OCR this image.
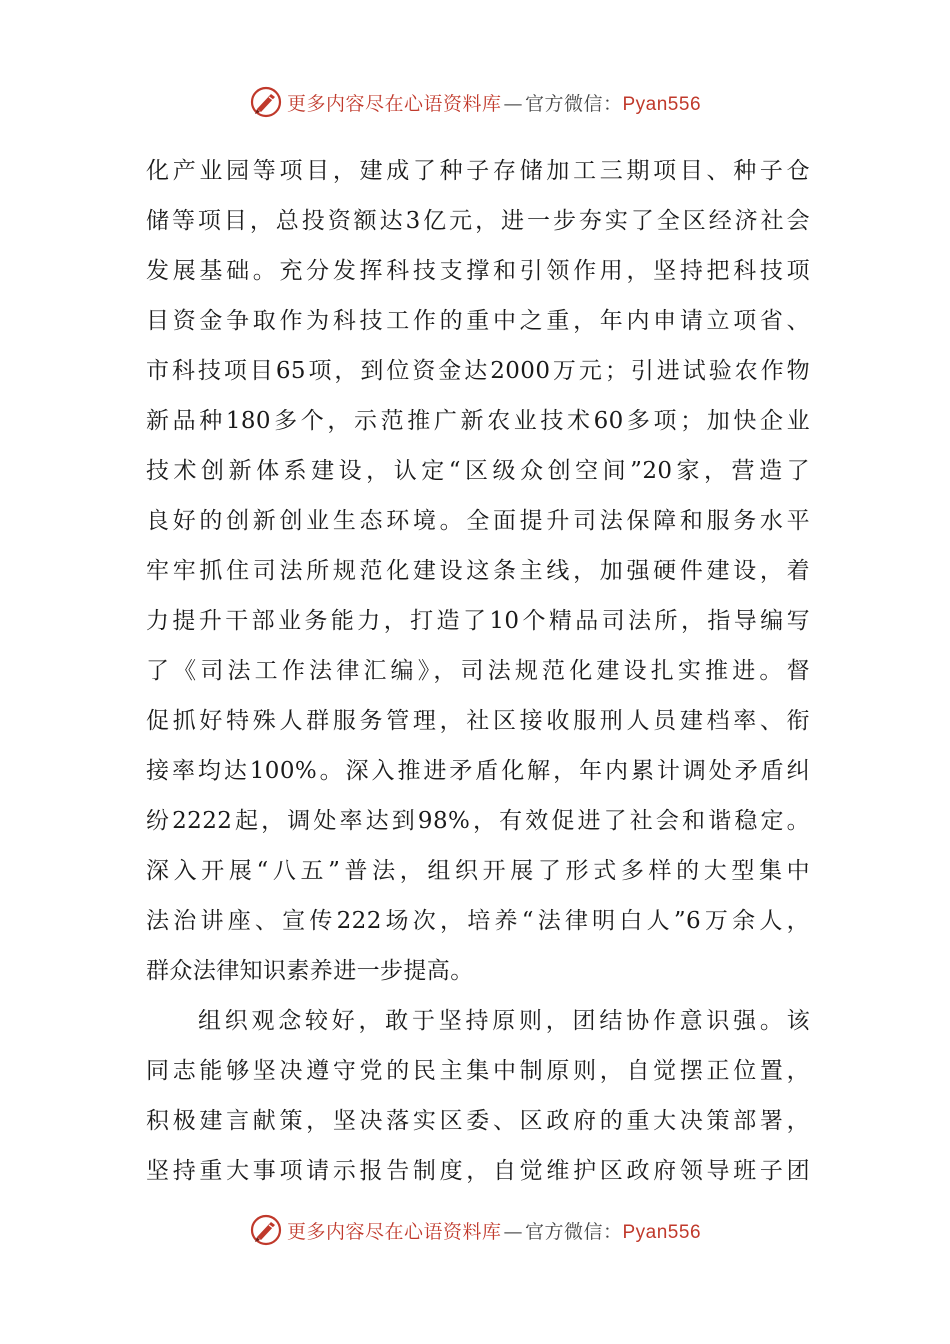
更多内容尽在心语资料库 — 官方微信：Pyan556
化产业园等项目，建成了种子存储加工三期项目、种子仓
储等项目，总投资额达3亿元，进一步夯实了全区经济社会
发展基础。充分发挥科技支撑和引领作用，坚持把科技项
目资金争取作为科技工作的重中之重，年内申请立项省、
市科技项目65项，到位资金达2000万元；引进试验农作物
新品种180多个，示范推广新农业技术60多项；加快企业
技术创新体系建设，认定“区级众创空间”20家，营造了
良好的创新创业生态环境。全面提升司法保障和服务水平
牢牢抓住司法所规范化建设这条主线，加强硬件建设，着
力提升干部业务能力，打造了10个精品司法所，指导编写
了《司法工作法律汇编》，司法规范化建设扎实推进。督
促抓好特殊人群服务管理，社区接收服刑人员建档率、衔
接率均达100%。深入推进矛盾化解，年内累计调处矛盾纠
纷2222起，调处率达到98%，有效促进了社会和谐稳定。
深入开展“八五”普法，组织开展了形式多样的大型集中
法治讲座、宣传222场次，培养“法律明白人”6万余人，
群众法律知识素养进一步提高。
组织观念较好，敢于坚持原则，团结协作意识强。该
同志能够坚决遵守党的民主集中制原则，自觉摆正位置，
积极建言献策，坚决落实区委、区政府的重大决策部署，
坚持重大事项请示报告制度，自觉维护区政府领导班子团
更多内容尽在心语资料库 — 官方微信：Pyan556
